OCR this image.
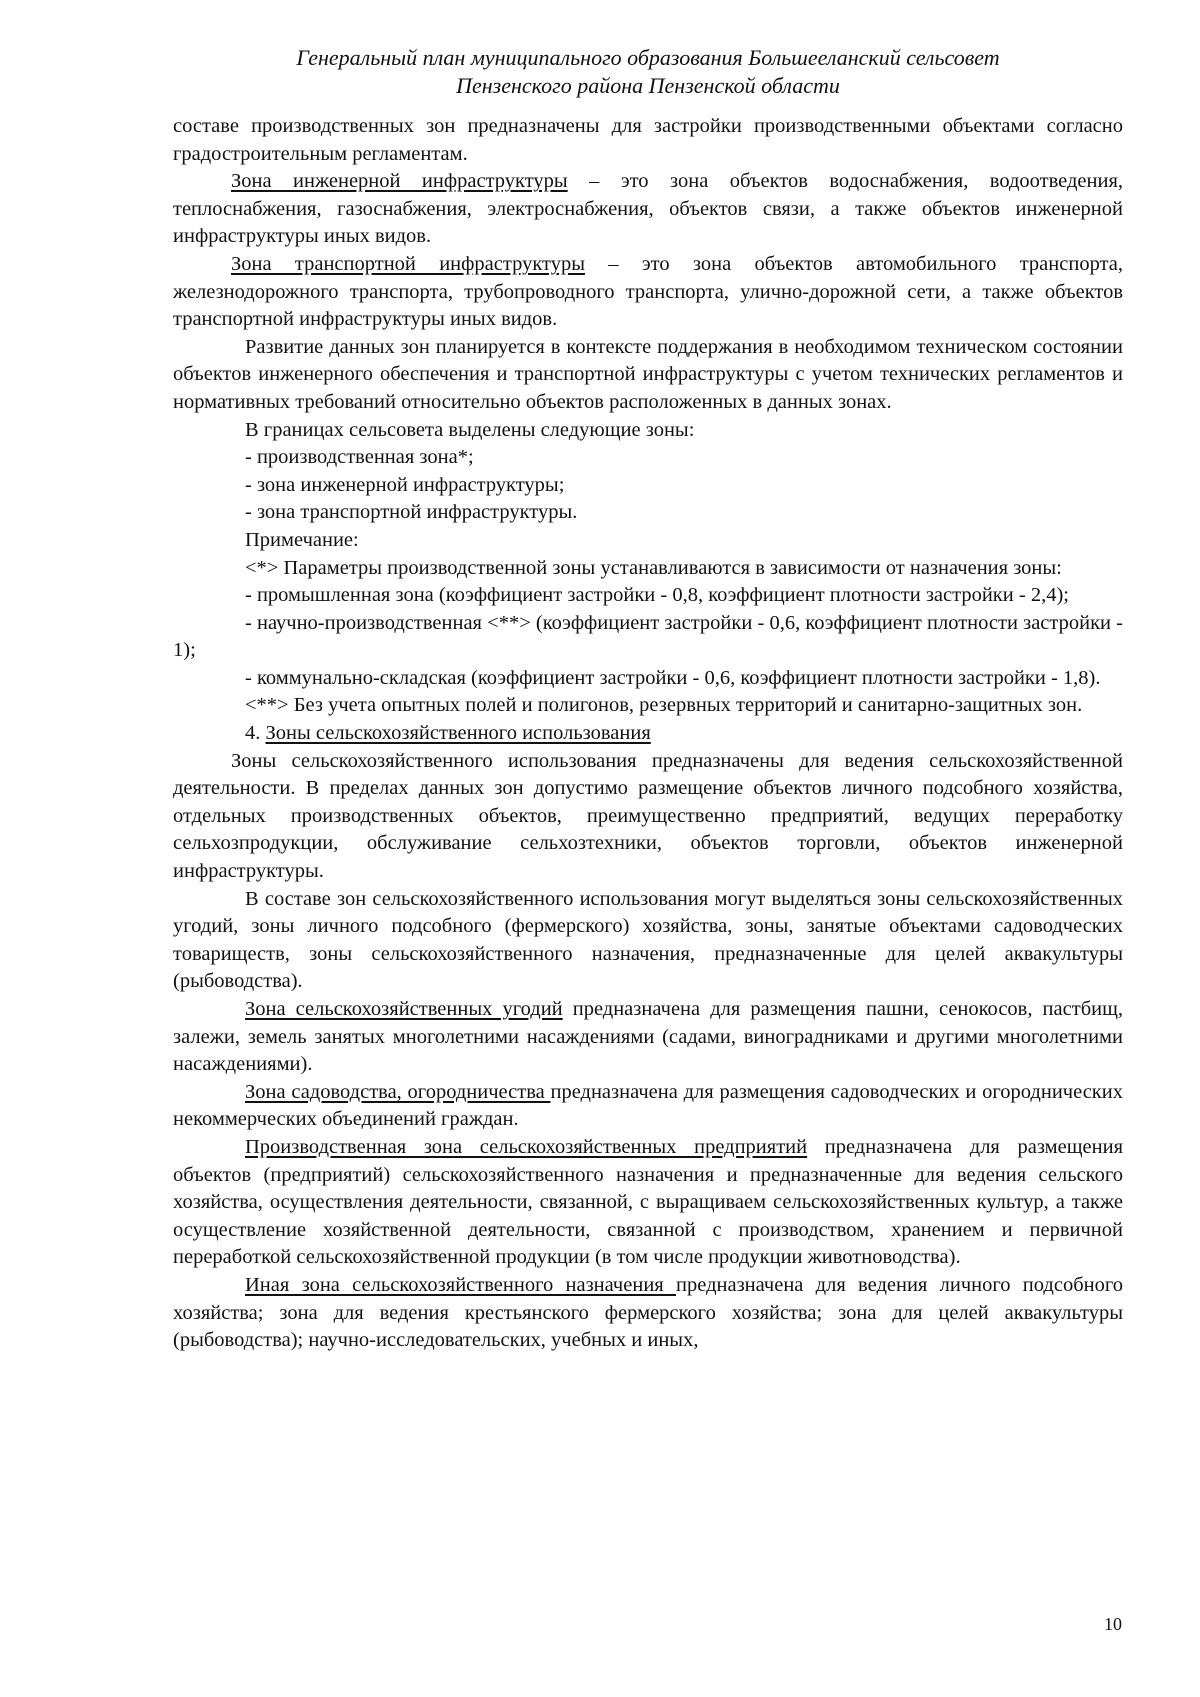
Генеральный план муниципального образования Большееланский сельсовет
Пензенского района Пензенской области

составе производственных зон предназначены для застройки производственными объектами согласно градостроительным регламентам.

Зона инженерной инфраструктуры – это зона объектов водоснабжения, водоотведения, теплоснабжения, газоснабжения, электроснабжения, объектов связи, а также объектов инженерной инфраструктуры иных видов.

Зона транспортной инфраструктуры – это зона объектов автомобильного транспорта, железнодорожного транспорта, трубопроводного транспорта, улично-дорожной сети, а также объектов транспортной инфраструктуры иных видов.

Развитие данных зон планируется в контексте поддержания в необходимом техническом состоянии объектов инженерного обеспечения и транспортной инфраструктуры с учетом технических регламентов и нормативных требований относительно объектов расположенных в данных зонах.

В границах сельсовета выделены следующие зоны:

- производственная зона*;

- зона инженерной инфраструктуры;

- зона транспортной инфраструктуры.

Примечание:

<*> Параметры производственной зоны устанавливаются в зависимости от назначения зоны:

- промышленная зона (коэффициент застройки - 0,8, коэффициент плотности застройки - 2,4);

- научно-производственная <**> (коэффициент застройки - 0,6, коэффициент плотности застройки - 1);

- коммунально-складская (коэффициент застройки - 0,6, коэффициент плотности застройки - 1,8).

<**> Без учета опытных полей и полигонов, резервных территорий и санитарно-защитных зон.

4. Зоны сельскохозяйственного использования

Зоны сельскохозяйственного использования предназначены для ведения сельскохозяйственной деятельности. В пределах данных зон допустимо размещение объектов личного подсобного хозяйства, отдельных производственных объектов, преимущественно предприятий, ведущих переработку сельхозпродукции, обслуживание сельхозтехники, объектов торговли, объектов инженерной инфраструктуры.

В составе зон сельскохозяйственного использования могут выделяться зоны сельскохозяйственных угодий, зоны личного подсобного (фермерского) хозяйства, зоны, занятые объектами садоводческих товариществ, зоны сельскохозяйственного назначения, предназначенные для целей аквакультуры (рыбоводства).

Зона сельскохозяйственных угодий предназначена для размещения пашни, сенокосов, пастбищ, залежи, земель занятых многолетними насаждениями (садами, виноградниками и другими многолетними насаждениями).

Зона садоводства, огородничества предназначена для размещения садоводческих и огороднических некоммерческих объединений граждан.

Производственная зона сельскохозяйственных предприятий предназначена для размещения объектов (предприятий) сельскохозяйственного назначения и предназначенные для ведения сельского хозяйства, осуществления деятельности, связанной, с выращиваем сельскохозяйственных культур, а также осуществление хозяйственной деятельности, связанной с производством, хранением и первичной переработкой сельскохозяйственной продукции (в том числе продукции животноводства).

Иная зона сельскохозяйственного назначения предназначена для ведения личного подсобного хозяйства; зона для ведения крестьянского фермерского хозяйства; зона для целей аквакультуры (рыбоводства); научно-исследовательских, учебных и иных,

10
